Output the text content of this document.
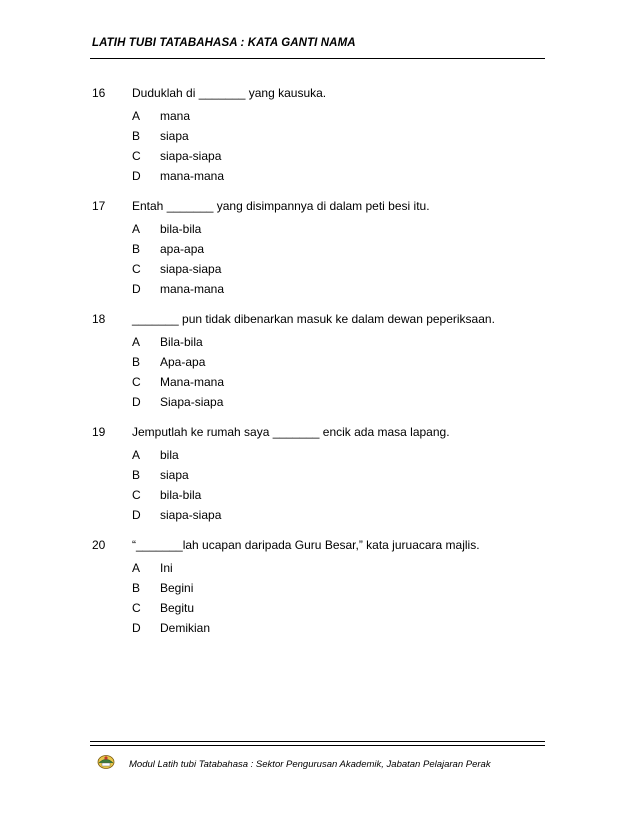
LATIH TUBI TATABAHASA : KATA GANTI NAMA
16	Duduklah di _______ yang kausuka.
A	mana
B	siapa
C	siapa-siapa
D	mana-mana
17	Entah _______ yang disimpannya di dalam peti besi itu.
A	bila-bila
B	apa-apa
C	siapa-siapa
D	mana-mana
18	_______ pun tidak dibenarkan masuk ke dalam dewan peperiksaan.
A	Bila-bila
B	Apa-apa
C	Mana-mana
D	Siapa-siapa
19	Jemputlah ke rumah saya _______ encik ada masa lapang.
A	bila
B	siapa
C	bila-bila
D	siapa-siapa
20	“_______lah ucapan daripada Guru Besar,” kata juruacara majlis.
A	Ini
B	Begini
C	Begitu
D	Demikian
Modul Latih tubi Tatabahasa : Sektor Pengurusan Akademik, Jabatan Pelajaran Perak
